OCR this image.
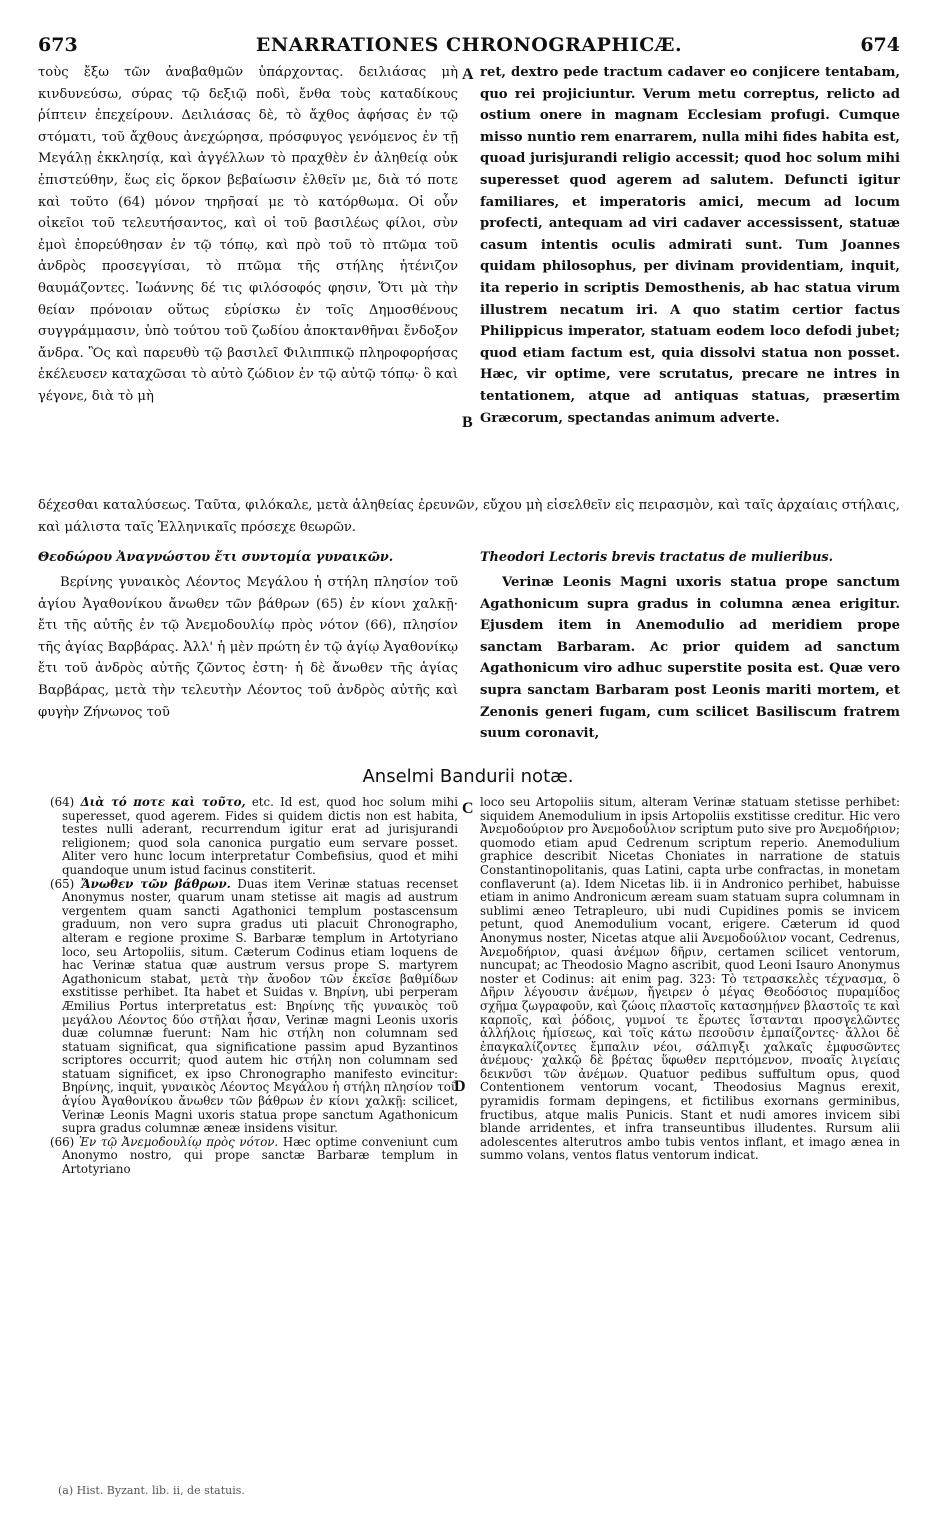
673	ENARRATIONES CHRONOGRAPHICÆ.	674
A
B
C
D

τοὺς ἔξω τῶν ἀναβαθμῶν ὑπάρχοντας. δειλιάσας μὴ κινδυνεύσω, σύρας τῷ δεξιῷ ποδὶ, ἔνθα τοὺς καταδίκους ῥίπτειν ἐπεχείρουν. Δειλιάσας δὲ, τὸ ἄχθος ἀφήσας ἐν τῷ στόματι, τοῦ ἄχθους ἀνεχώρησα, πρόσφυγος γενόμενος ἐν τῇ Μεγάλῃ ἐκκλησίᾳ, καὶ ἀγγέλλων τὸ πραχθὲν ἐν ἀληθείᾳ οὐκ ἐπιστεύθην, ἕως εἰς ὅρκον βεβαίωσιν ἐλθεῖν με, διὰ τό ποτε καὶ τοῦτο (64) μόνον τηρῆσαί με τὸ κατόρθωμα. Οἱ οὖν οἰκεῖοι τοῦ τελευτήσαντος, καὶ οἱ τοῦ βασιλέως φίλοι, σὺν ἐμοὶ ἐπορεύθησαν ἐν τῷ τόπῳ, καὶ πρὸ τοῦ τὸ πτῶμα τοῦ ἀνδρὸς προσεγγίσαι, τὸ πτῶμα τῆς στήλης ἠτένιζον θαυμάζοντες. Ἰωάννης δέ τις φιλόσοφός φησιν, Ὅτι μὰ τὴν θείαν πρόνοιαν οὕτως εὑρίσκω ἐν τοῖς Δημοσθένους συγγράμμασιν, ὑπὸ τούτου τοῦ ζωδίου ἀποκτανθῆναι ἔνδοξον ἄνδρα. Ὃς καὶ παρευθὺ τῷ βασιλεῖ Φιλιππικῷ πληροφορήσας ἐκέλευσεν καταχῶσαι τὸ αὐτὸ ζώδιον ἐν τῷ αὐτῷ τόπῳ· ὃ καὶ γέγονε, διὰ τὸ μὴ

ret, dextro pede tractum cadaver eo conjicere tentabam, quo rei projiciuntur. Verum metu correptus, relicto ad ostium onere in magnam Ecclesiam profugi. Cumque misso nuntio rem enarrarem, nulla mihi fides habita est, quoad jurisjurandi religio accessit; quod hoc solum mihi superesset quod agerem ad salutem. Defuncti igitur familiares, et imperatoris amici, mecum ad locum profecti, antequam ad viri cadaver accessissent, statuæ casum intentis oculis admirati sunt. Tum Joannes quidam philosophus, per divinam providentiam, inquit, ita reperio in scriptis Demosthenis, ab hac statua virum illustrem necatum iri. A quo statim certior factus Philippicus imperator, statuam eodem loco defodi jubet; quod etiam factum est, quia dissolvi statua non posset. Hæc, vir optime, vere scrutatus, precare ne intres in tentationem, atque ad antiquas statuas, præsertim Græcorum, spectandas animum adverte.

δέχεσθαι καταλύσεως. Ταῦτα, φιλόκαλε, μετὰ ἀληθείας ἐρευνῶν, εὔχου μὴ εἰσελθεῖν εἰς πειρασμὸν, καὶ ταῖς ἀρχαίαις στήλαις, καὶ μάλιστα ταῖς Ἑλληνικαῖς πρόσεχε θεωρῶν.

Θεοδώρου Ἀναγνώστου ἔτι συντομία γυναικῶν.	Theodori Lectoris brevis tractatus de mulieribus.

Βερίνης γυναικὸς Λέοντος Μεγάλου ἡ στήλη πλησίον τοῦ ἁγίου Ἀγαθονίκου ἄνωθεν τῶν βάθρων (65) ἐν κίονι χαλκῇ· ἔτι τῆς αὐτῆς ἐν τῷ Ἀνεμοδουλίῳ πρὸς νότον (66), πλησίον τῆς ἁγίας Βαρβάρας. Ἀλλ' ἡ μὲν πρώτη ἐν τῷ ἁγίῳ Ἀγαθονίκῳ ἔτι τοῦ ἀνδρὸς αὐτῆς ζῶντος ἐστη· ἡ δὲ ἄνωθεν τῆς ἁγίας Βαρβάρας, μετὰ τὴν τελευτὴν Λέοντος τοῦ ἀνδρὸς αὐτῆς καὶ φυγὴν Ζήνωνος τοῦ

Verinæ Leonis Magni uxoris statua prope sanctum Agathonicum supra gradus in columna ænea erigitur. Ejusdem item in Anemodulio ad meridiem prope sanctam Barbaram. Ac prior quidem ad sanctum Agathonicum viro adhuc superstite posita est. Quæ vero supra sanctam Barbaram post Leonis mariti mortem, et Zenonis generi fugam, cum scilicet Basiliscum fratrem suum coronavit,

Anselmi Bandurii notæ.

(64) Διὰ τό ποτε καὶ τοῦτο, etc. Id est, quod hoc solum mihi superesset, quod agerem. Fides si quidem dictis non est habita, testes nulli aderant, recurrendum igitur erat ad jurisjurandi religionem; quod sola canonica purgatio eum servare posset. Aliter vero hunc locum interpretatur Combefisius, quod et mihi quandoque unum istud facinus constiterit.

(65) Ἄνωθεν τῶν βάθρων. Duas item Verinæ statuas recenset Anonymus noster, quarum unam stetisse ait magis ad austrum vergentem quam sancti Agathonici templum postascensum graduum, non vero supra gradus uti placuit Chronographo, alteram e regione proxime S. Barbaræ templum in Artotyriano loco, seu Artopoliis, situm. Cæterum Codinus etiam loquens de hac Verinæ statua quæ austrum versus prope S. martyrem Agathonicum stabat, μετὰ τὴν ἄνοδον τῶν ἐκεῖσε βαθμίδων exstitisse perhibet. Ita habet et Suidas v. Βηρίνη, ubi perperam Æmilius Portus interpretatus est: Βηρίνης τῆς γυναικὸς τοῦ μεγάλου Λέοντος δύο στῆλαι ἦσαν, Verinæ magni Leonis uxoris duæ columnæ fuerunt: Nam hic στήλη non columnam sed statuam significat, qua significatione passim apud Byzantinos scriptores occurrit; quod autem hic στήλη non columnam sed statuam significet, ex ipso Chronographo manifesto evincitur: Βηρίνης, inquit, γυναικὸς Λέοντος Μεγάλου ἡ στήλη πλησίον τοῦ ἁγίου Ἀγαθονίκου ἄνωθεν τῶν βάθρων ἐν κίονι χαλκῇ: scilicet, Verinæ Leonis Magni uxoris statua prope sanctum Agathonicum supra gradus columnæ æneæ insidens visitur.

(66) Ἐν τῷ Ἀνεμοδουλίῳ πρὸς νότον. Hæc optime conveniunt cum Anonymo nostro, qui prope sanctæ Barbaræ templum in Artotyriano

(a) Hist. Byzant. lib. ii, de statuis.

loco seu Artopoliis situm, alteram Verinæ statuam stetisse perhibet: siquidem Anemodulium in ipsis Artopoliis exstitisse creditur. Hic vero Ἀνεμοδούριον pro Ἀνεμοδούλιον scriptum puto sive pro Ἀνεμοδήριον; quomodo etiam apud Cedrenum scriptum reperio. Anemodulium graphice describit Nicetas Choniates in narratione de statuis Constantinopolitanis, quas Latini, capta urbe confractas, in monetam conflaverunt (a). Idem Nicetas lib. ii in Andronico perhibet, habuisse etiam in animo Andronicum æream suam statuam supra columnam in sublimi æneo Tetrapleuro, ubi nudi Cupidines pomis se invicem petunt, quod Anemodulium vocant, erigere. Cæterum id quod Anonymus noster, Nicetas atque alii Ἀνεμοδούλιον vocant, Cedrenus, Ἀνεμοδήριον, quasi ἀνέμων δῆριν, certamen scilicet ventorum, nuncupat; ac Theodosio Magno ascribit, quod Leoni Isauro Anonymus noster et Codinus: ait enim pag. 323: Τὸ τετρασκελὲς τέχνασμα, ὃ Δῆριν λέγουσιν ἀνέμων, ἤγειρεν ὁ μέγας Θεοδόσιος πυραμίδος σχῆμα ζωγραφοῦν, καὶ ζώοις πλαστοῖς κατασημῄνεν βλαστοῖς τε καὶ καρποῖς, καὶ ῥόδοις, γυμνοί τε ἔρωτες ἵστανται προσγελῶντες ἀλλήλοις ἡμίσεως, καὶ τοῖς κάτω πεσοῦσιν ἐμπαίζοντες· ἄλλοι δὲ ἐπαγκαλίζοντες ἔμπαλιν νέοι, σάλπιγξι χαλκαῖς ἐμφυσῶντες ἀνέμους· χαλκῷ δὲ βρέτας ὕφωθεν περιτόμενον, πνοαῖς λιγείαις δεικνῦσι τῶν ἀνέμων. Quatuor pedibus suffultum opus, quod Contentionem ventorum vocant, Theodosius Magnus erexit, pyramidis formam depingens, et fictilibus exornans germinibus, fructibus, atque malis Punicis. Stant et nudi amores invicem sibi blande arridentes, et infra transeuntibus illudentes. Rursum alii adolescentes alterutros ambo tubis ventos inflant, et imago ænea in summo volans, ventos flatus ventorum indicat.
